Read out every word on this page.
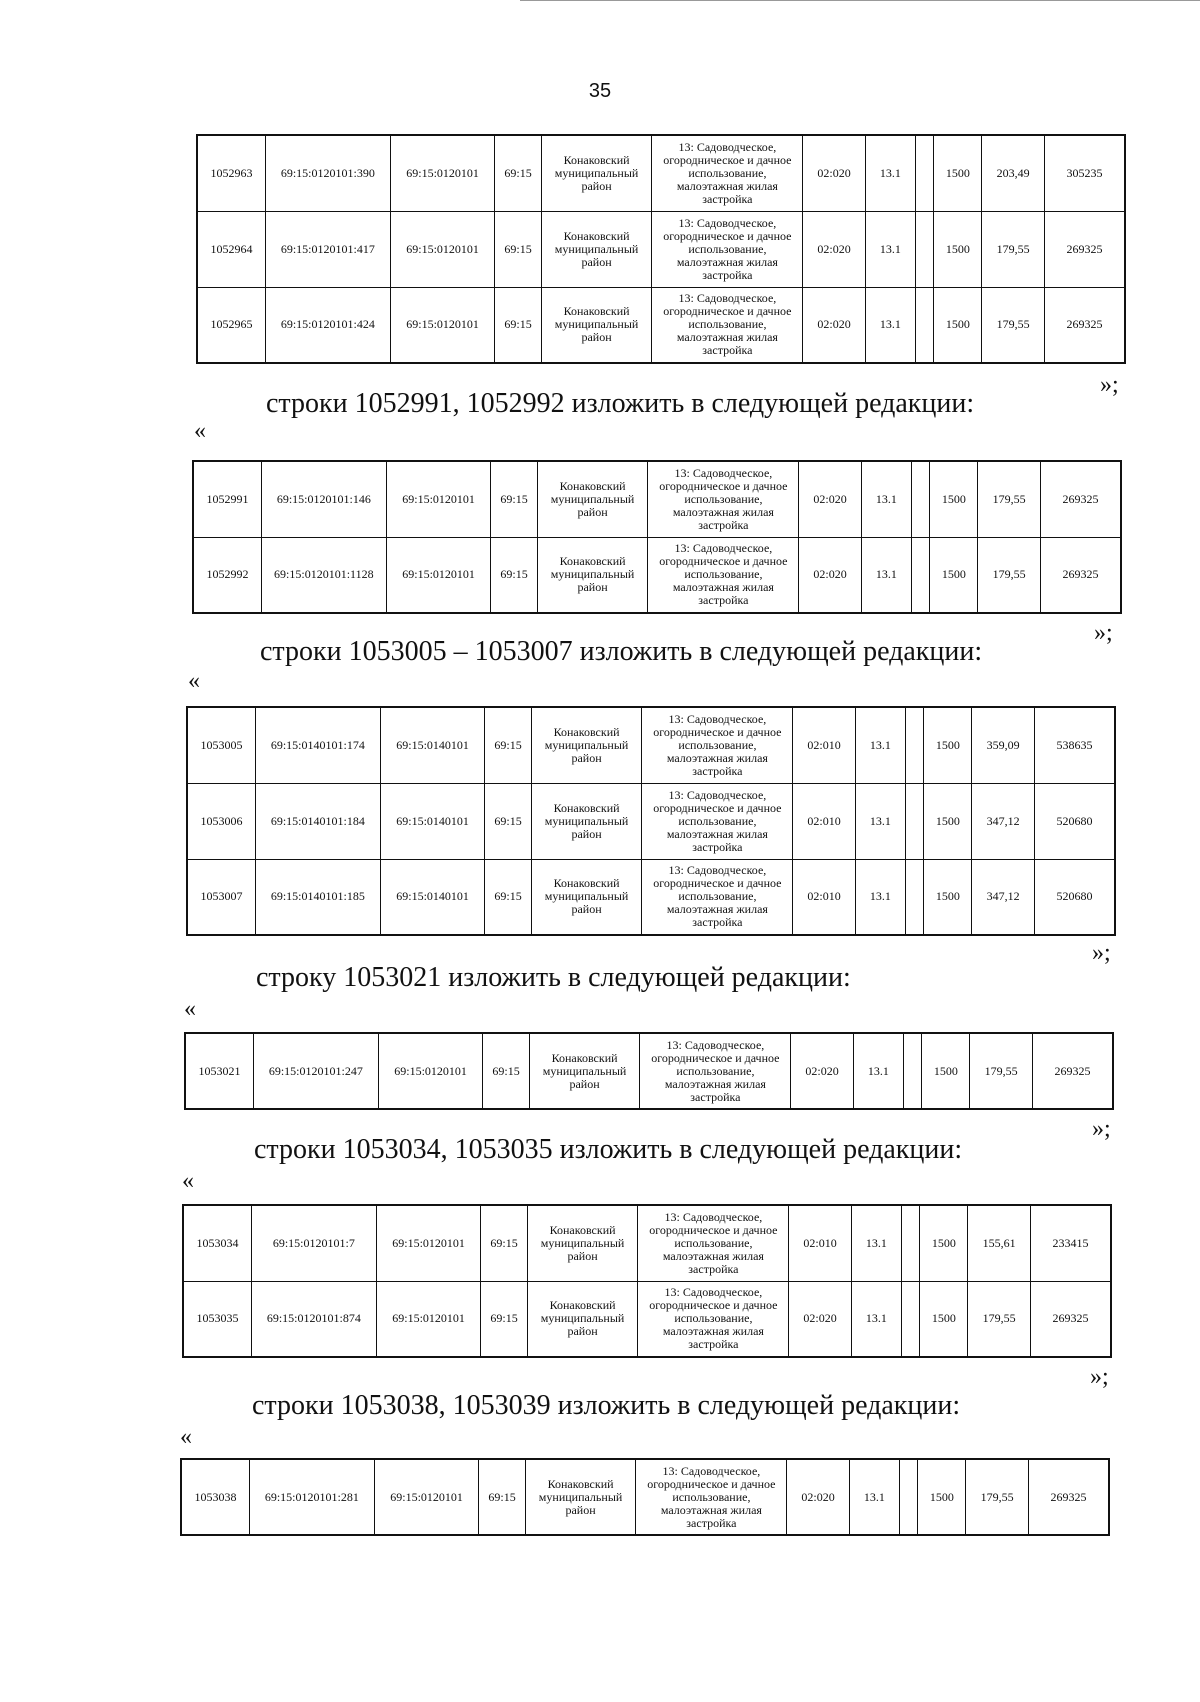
35
1052963	69:15:0120101:390	69:15:0120101	69:15	Конаковский муниципальный район	13: Садоводческое, огородническое и дачное использование, малоэтажная жилая застройка	02:020	13.1		1500	203,49	305235
1052964	69:15:0120101:417	69:15:0120101	69:15	Конаковский муниципальный район	13: Садоводческое, огородническое и дачное использование, малоэтажная жилая застройка	02:020	13.1		1500	179,55	269325
1052965	69:15:0120101:424	69:15:0120101	69:15	Конаковский муниципальный район	13: Садоводческое, огородническое и дачное использование, малоэтажная жилая застройка	02:020	13.1		1500	179,55	269325
строки 1052991, 1052992 изложить в следующей редакции:
«
»;
1052991	69:15:0120101:146	69:15:0120101	69:15	Конаковский муниципальный район	13: Садоводческое, огородническое и дачное использование, малоэтажная жилая застройка	02:020	13.1		1500	179,55	269325
1052992	69:15:0120101:1128	69:15:0120101	69:15	Конаковский муниципальный район	13: Садоводческое, огородническое и дачное использование, малоэтажная жилая застройка	02:020	13.1		1500	179,55	269325
строки 1053005 – 1053007 изложить в следующей редакции:
«
»;
1053005	69:15:0140101:174	69:15:0140101	69:15	Конаковский муниципальный район	13: Садоводческое, огородническое и дачное использование, малоэтажная жилая застройка	02:010	13.1		1500	359,09	538635
1053006	69:15:0140101:184	69:15:0140101	69:15	Конаковский муниципальный район	13: Садоводческое, огородническое и дачное использование, малоэтажная жилая застройка	02:010	13.1		1500	347,12	520680
1053007	69:15:0140101:185	69:15:0140101	69:15	Конаковский муниципальный район	13: Садоводческое, огородническое и дачное использование, малоэтажная жилая застройка	02:010	13.1		1500	347,12	520680
строку 1053021 изложить в следующей редакции:
«
»;
1053021	69:15:0120101:247	69:15:0120101	69:15	Конаковский муниципальный район	13: Садоводческое, огородническое и дачное использование, малоэтажная жилая застройка	02:020	13.1		1500	179,55	269325
строки 1053034, 1053035 изложить в следующей редакции:
«
»;
1053034	69:15:0120101:7	69:15:0120101	69:15	Конаковский муниципальный район	13: Садоводческое, огородническое и дачное использование, малоэтажная жилая застройка	02:010	13.1		1500	155,61	233415
1053035	69:15:0120101:874	69:15:0120101	69:15	Конаковский муниципальный район	13: Садоводческое, огородническое и дачное использование, малоэтажная жилая застройка	02:020	13.1		1500	179,55	269325
строки 1053038, 1053039 изложить в следующей редакции:
«
»;
1053038	69:15:0120101:281	69:15:0120101	69:15	Конаковский муниципальный район	13: Садоводческое, огородническое и дачное использование, малоэтажная жилая застройка	02:020	13.1		1500	179,55	269325
